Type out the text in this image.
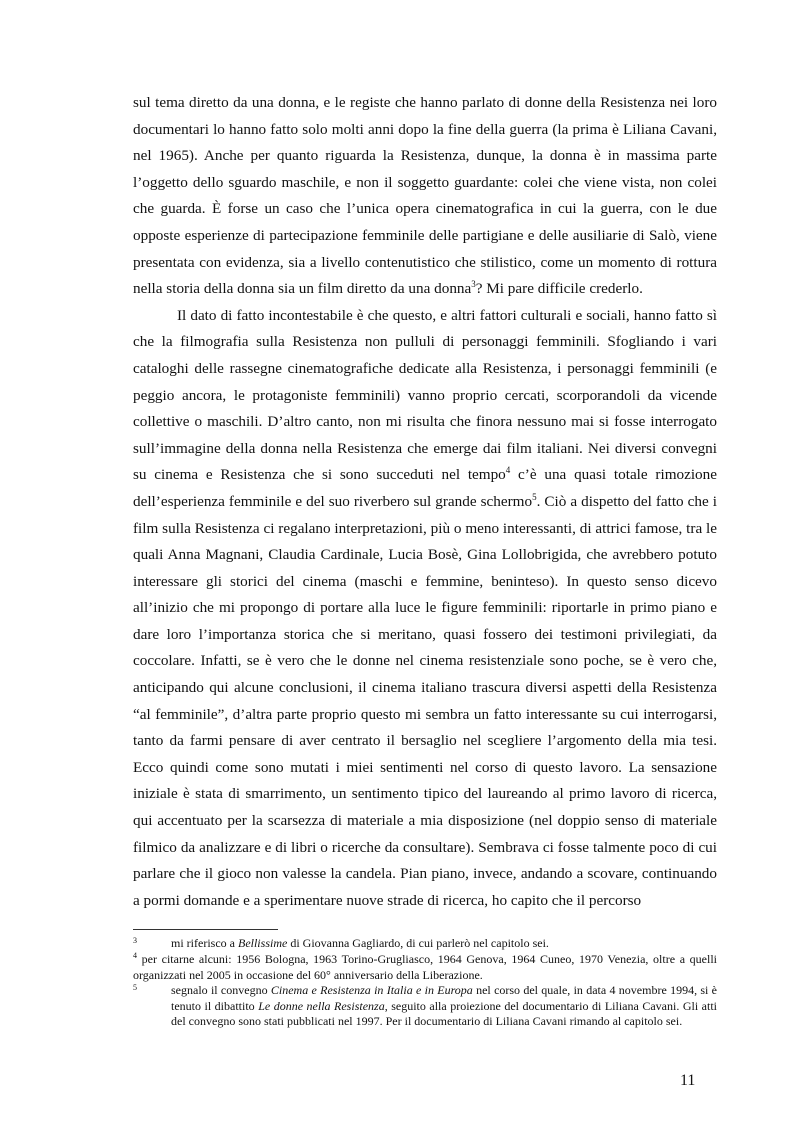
sul tema diretto da una donna, e le registe che hanno parlato di donne della Resistenza nei loro documentari lo hanno fatto solo molti anni dopo la fine della guerra (la prima è Liliana Cavani, nel 1965). Anche per quanto riguarda la Resistenza, dunque, la donna è in massima parte l’oggetto dello sguardo maschile, e non il soggetto guardante: colei che viene vista, non colei che guarda. È forse un caso che l’unica opera cinematografica in cui la guerra, con le due opposte esperienze di partecipazione femminile delle partigiane e delle ausiliarie di Salò, viene presentata con evidenza, sia a livello contenutistico che stilistico, come un momento di rottura nella storia della donna sia un film diretto da una donna$^3$? Mi pare difficile crederlo.

Il dato di fatto incontestabile è che questo, e altri fattori culturali e sociali, hanno fatto sì che la filmografia sulla Resistenza non pulluli di personaggi femminili. Sfogliando i vari cataloghi delle rassegne cinematografiche dedicate alla Resistenza, i personaggi femminili (e peggio ancora, le protagoniste femminili) vanno proprio cercati, scorporandoli da vicende collettive o maschili. D’altro canto, non mi risulta che finora nessuno mai si fosse interrogato sull’immagine della donna nella Resistenza che emerge dai film italiani. Nei diversi convegni su cinema e Resistenza che si sono succeduti nel tempo$^4$ c’è una quasi totale rimozione dell’esperienza femminile e del suo riverbero sul grande schermo$^5$. Ciò a dispetto del fatto che i film sulla Resistenza ci regalano interpretazioni, più o meno interessanti, di attrici famose, tra le quali Anna Magnani, Claudia Cardinale, Lucia Bosè, Gina Lollobrigida, che avrebbero potuto interessare gli storici del cinema (maschi e femmine, beninteso). In questo senso dicevo all’inizio che mi propongo di portare alla luce le figure femminili: riportarle in primo piano e dare loro l’importanza storica che si meritano, quasi fossero dei testimoni privilegiati, da coccolare. Infatti, se è vero che le donne nel cinema resistenziale sono poche, se è vero che, anticipando qui alcune conclusioni, il cinema italiano trascura diversi aspetti della Resistenza “al femminile”, d’altra parte proprio questo mi sembra un fatto interessante su cui interrogarsi, tanto da farmi pensare di aver centrato il bersaglio nel scegliere l’argomento della mia tesi. Ecco quindi come sono mutati i miei sentimenti nel corso di questo lavoro. La sensazione iniziale è stata di smarrimento, un sentimento tipico del laureando al primo lavoro di ricerca, qui accentuato per la scarsezza di materiale a mia disposizione (nel doppio senso di materiale filmico da analizzare e di libri o ricerche da consultare). Sembrava ci fosse talmente poco di cui parlare che il gioco non valesse la candela. Pian piano, invece, andando a scovare, continuando a pormi domande e a sperimentare nuove strade di ricerca, ho capito che il percorso

3	mi riferisco a Bellissime di Giovanna Gagliardo, di cui parlerò nel capitolo sei.
$^4$ per citarne alcuni: 1956 Bologna, 1963 Torino-Grugliasco, 1964 Genova, 1964 Cuneo, 1970 Venezia, oltre a quelli organizzati nel 2005 in occasione del 60° anniversario della Liberazione.
5	segnalo il convegno Cinema e Resistenza in Italia e in Europa nel corso del quale, in data 4 novembre 1994, si è tenuto il dibattito Le donne nella Resistenza, seguito alla proiezione del documentario di Liliana Cavani. Gli atti del convegno sono stati pubblicati nel 1997. Per il documentario di Liliana Cavani rimando al capitolo sei.
11
